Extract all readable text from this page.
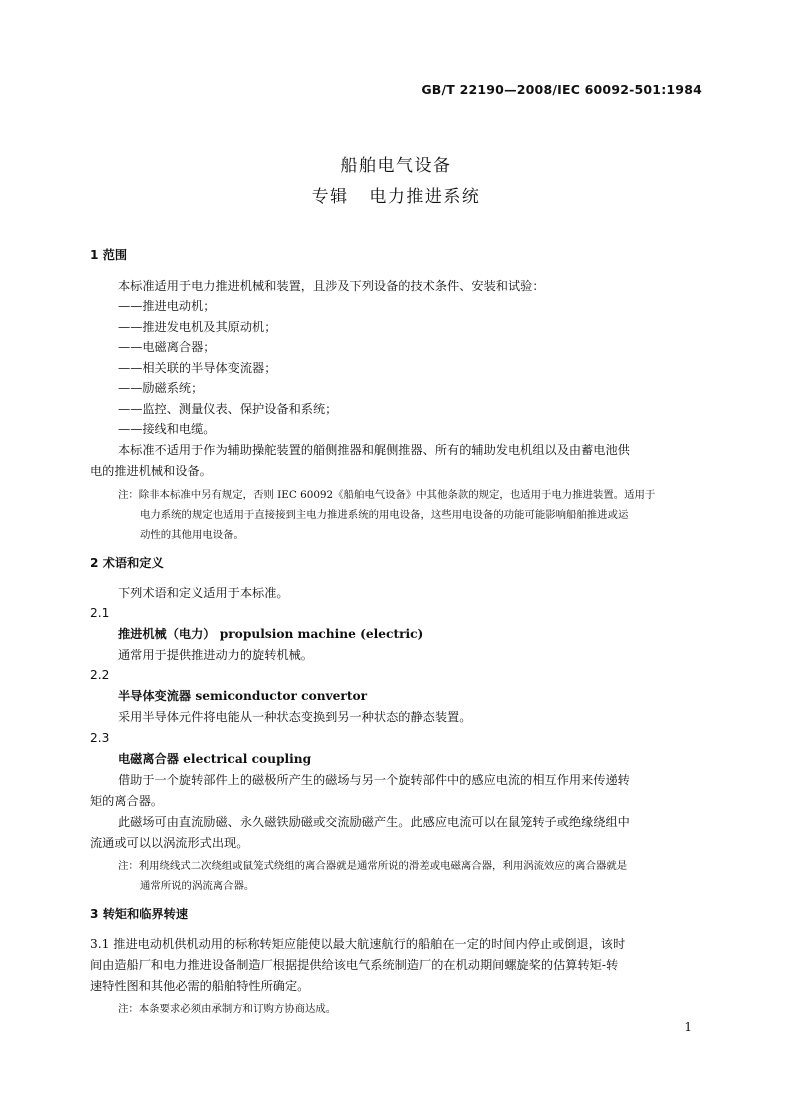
GB/T 22190—2008/IEC 60092-501:1984
船舶电气设备
专辑   电力推进系统
1 范围
本标准适用于电力推进机械和装置，且涉及下列设备的技术条件、安装和试验：
——推进电动机；
——推进发电机及其原动机；
——电磁离合器；
——相关联的半导体变流器；
——励磁系统；
——监控、测量仪表、保护设备和系统；
——接线和电缆。
本标准不适用于作为辅助操舵装置的艏侧推器和艉侧推器、所有的辅助发电机组以及由蓄电池供
电的推进机械和设备。
注：除非本标准中另有规定，否则 IEC 60092《船舶电气设备》中其他条款的规定，也适用于电力推进装置。适用于
电力系统的规定也适用于直接接到主电力推进系统的用电设备，这些用电设备的功能可能影响船舶推进或运
动性的其他用电设备。
2 术语和定义
下列术语和定义适用于本标准。
2.1
推进机械（电力） propulsion machine (electric)
通常用于提供推进动力的旋转机械。
2.2
半导体变流器 semiconductor convertor
采用半导体元件将电能从一种状态变换到另一种状态的静态装置。
2.3
电磁离合器 electrical coupling
借助于一个旋转部件上的磁极所产生的磁场与另一个旋转部件中的感应电流的相互作用来传递转
矩的离合器。
此磁场可由直流励磁、永久磁铁励磁或交流励磁产生。此感应电流可以在鼠笼转子或绝缘绕组中
流通或可以以涡流形式出现。
注：利用绕线式二次绕组或鼠笼式绕组的离合器就是通常所说的滑差或电磁离合器，利用涡流效应的离合器就是
通常所说的涡流离合器。
3 转矩和临界转速
3.1 推进电动机供机动用的标称转矩应能使以最大航速航行的船舶在一定的时间内停止或倒退，该时
间由造船厂和电力推进设备制造厂根据提供给该电气系统制造厂的在机动期间螺旋桨的估算转矩-转
速特性图和其他必需的船舶特性所确定。
注：本条要求必须由承制方和订购方协商达成。
1
